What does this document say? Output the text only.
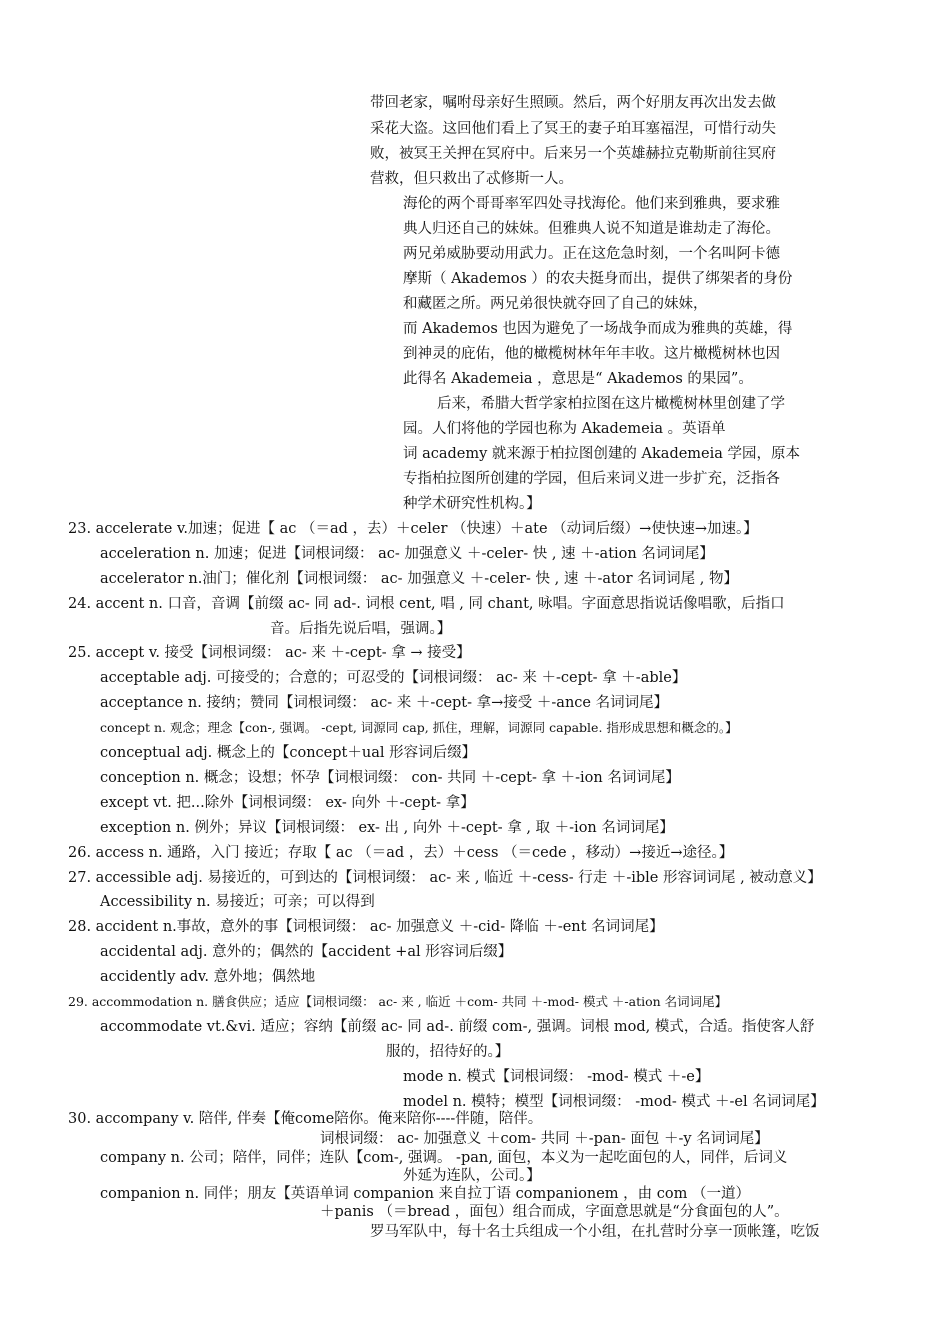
带回老家，嘱咐母亲好生照顾。然后，两个好朋友再次出发去做
采花大盗。这回他们看上了冥王的妻子珀耳塞福涅，可惜行动失
败，被冥王关押在冥府中。后来另一个英雄赫拉克勒斯前往冥府
营救，但只救出了忒修斯一人。
海伦的两个哥哥率军四处寻找海伦。他们来到雅典，要求雅
典人归还自己的妹妹。但雅典人说不知道是谁劫走了海伦。
两兄弟威胁要动用武力。正在这危急时刻，一个名叫阿卡德
摩斯（ Akademos ）的农夫挺身而出，提供了绑架者的身份
和藏匿之所。两兄弟很快就夺回了自己的妹妹，
而 Akademos 也因为避免了一场战争而成为雅典的英雄，得
到神灵的庇佑，他的橄榄树林年年丰收。这片橄榄树林也因
此得名 Akademeia ，意思是“ Akademos 的果园”。
后来，希腊大哲学家柏拉图在这片橄榄树林里创建了学
园。人们将他的学园也称为 Akademeia 。英语单
词 academy 就来源于柏拉图创建的 Akademeia 学园，原本
专指柏拉图所创建的学园，但后来词义进一步扩充，泛指各
种学术研究性机构。】
23. accelerate v.加速；促进【 ac （＝ad ，去）＋celer （快速）＋ate （动词后缀）→使快速→加速。】
acceleration n. 加速；促进【词根词缀： ac- 加强意义 ＋-celer- 快 , 速 ＋-ation 名词词尾】
accelerator n.油门；催化剂【词根词缀： ac- 加强意义 ＋-celer- 快 , 速 ＋-ator 名词词尾 , 物】
24. accent n. 口音，音调【前缀 ac- 同 ad-. 词根 cent, 唱 , 同 chant, 咏唱。字面意思指说话像唱歌，后指口
音。后指先说后唱，强调。】
25. accept v. 接受【词根词缀： ac- 来 ＋-cept- 拿 → 接受】
acceptable adj. 可接受的；合意的；可忍受的【词根词缀： ac- 来 ＋-cept- 拿 ＋-able】
acceptance n. 接纳；赞同【词根词缀： ac- 来 ＋-cept- 拿→接受 ＋-ance 名词词尾】
concept n. 观念；理念【con-, 强调。 -cept, 词源同 cap, 抓住，理解，词源同 capable. 指形成思想和概念的。】
conceptual adj. 概念上的【concept＋ual 形容词后缀】
conception n. 概念；设想；怀孕【词根词缀： con- 共同 ＋-cept- 拿 ＋-ion 名词词尾】
except vt. 把...除外【词根词缀： ex- 向外 ＋-cept- 拿】
exception n. 例外；异议【词根词缀： ex- 出 , 向外 ＋-cept- 拿 , 取 ＋-ion 名词词尾】
26. access n. 通路，入门 接近；存取【 ac （＝ad ，去）＋cess （＝cede ，移动）→接近→途径。】
27. accessible adj. 易接近的，可到达的【词根词缀： ac- 来 , 临近 ＋-cess- 行走 ＋-ible 形容词词尾 , 被动意义】
Accessibility n. 易接近；可亲；可以得到
28. accident n.事故，意外的事【词根词缀： ac- 加强意义 ＋-cid- 降临 ＋-ent 名词词尾】
accidental adj. 意外的；偶然的【accident +al 形容词后缀】
accidently adv. 意外地；偶然地
29. accommodation n. 膳食供应；适应【词根词缀： ac- 来 , 临近 ＋com- 共同 ＋-mod- 模式 ＋-ation 名词词尾】
accommodate vt.&vi. 适应；容纳【前缀 ac- 同 ad-. 前缀 com-, 强调。词根 mod, 模式，合适。指使客人舒
服的，招待好的。】
mode n. 模式【词根词缀： -mod- 模式 ＋-e】
model n. 模特；模型【词根词缀： -mod- 模式 ＋-el 名词词尾】
30. accompany v. 陪伴, 伴奏【俺come陪你。俺来陪你----伴随，陪伴。
词根词缀： ac- 加强意义 ＋com- 共同 ＋-pan- 面包 ＋-y 名词词尾】
company n. 公司；陪伴，同伴；连队【com-, 强调。 -pan, 面包，本义为一起吃面包的人，同伴，后词义
外延为连队，公司。】
companion n. 同伴；朋友【英语单词 companion 来自拉丁语 companionem ，由 com （一道）
＋panis （＝bread ，面包）组合而成，字面意思就是“分食面包的人”。
罗马军队中，每十名士兵组成一个小组，在扎营时分享一顶帐篷，吃饭
